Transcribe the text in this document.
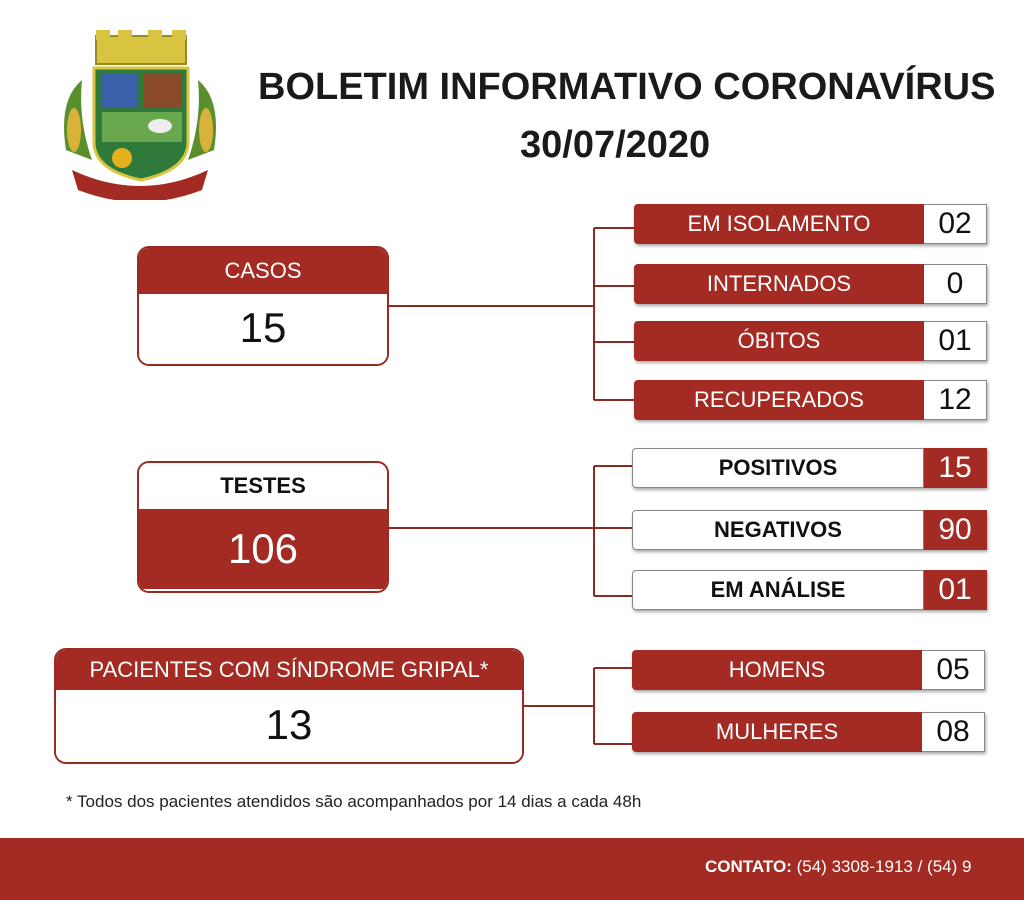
BOLETIM INFORMATIVO CORONAVÍRUS
30/07/2020
CASOS
15
EM ISOLAMENTO	02
INTERNADOS	0
ÓBITOS	01
RECUPERADOS	12
TESTES
106
POSITIVOS	15
NEGATIVOS	90
EM ANÁLISE	01
PACIENTES COM SÍNDROME GRIPAL*
13
HOMENS	05
MULHERES	08
* Todos dos pacientes atendidos são acompanhados por 14 dias a cada 48h
CONTATO: (54) 3308-1913 / (54) 9
